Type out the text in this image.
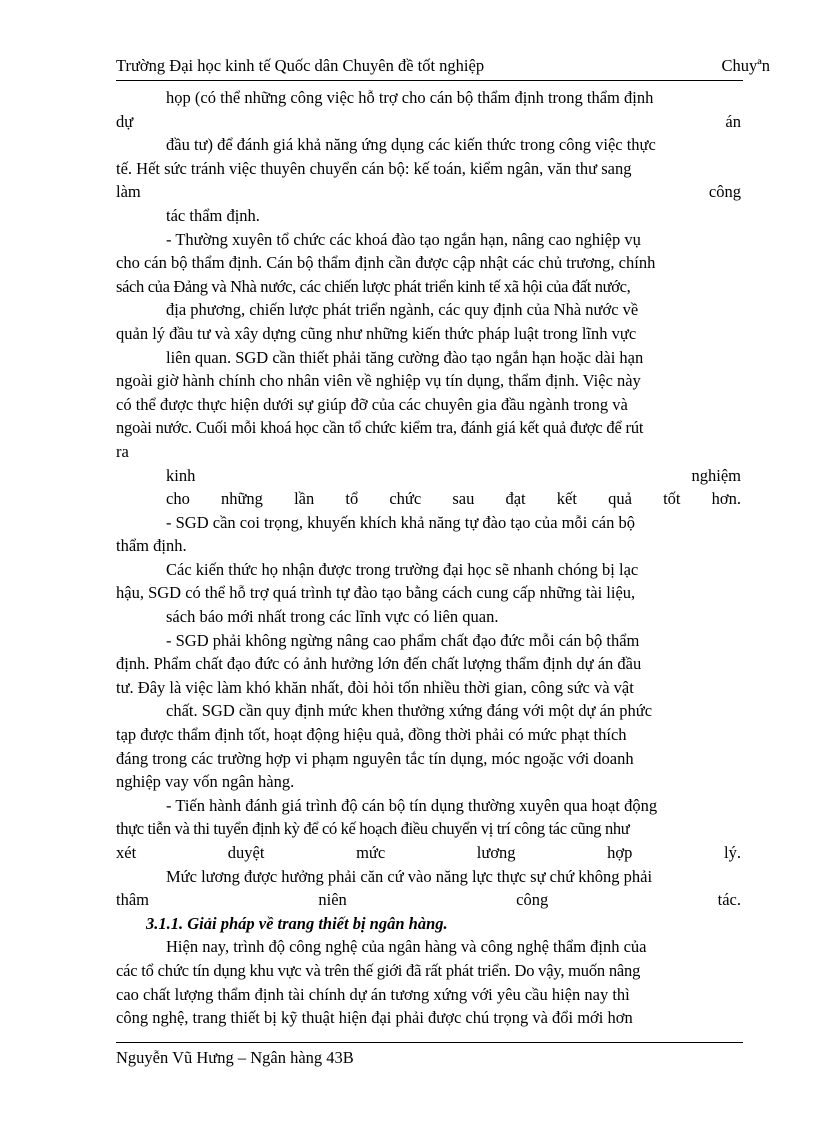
Trường Đại học kinh tế Quốc dân Chuyên đề tốt nghiệp	Chuyªn
họp (có thể những công việc hỗ trợ cho cán bộ thẩm định trong thẩm định
dự án
đầu tư) để đánh giá khả năng ứng dụng các kiến thức trong công việc thực
tế. Hết sức tránh việc thuyên chuyển cán bộ: kế toán, kiểm ngân, văn thư sang
làm công
tác thẩm định.
- Thường xuyên tổ chức các khoá đào tạo ngắn hạn, nâng cao nghiệp vụ
cho cán bộ thẩm định. Cán bộ thẩm định cần được cập nhật các chủ trương, chính
sách của Đảng và Nhà nước, các chiến lược phát triển kinh tế xã hội của đất nước,
địa phương, chiến lược phát triển ngành, các quy định của Nhà nước về
quản lý đầu tư và xây dựng cũng như những kiến thức pháp luật trong lĩnh vực
liên quan. SGD cần thiết phải tăng cường đào tạo ngắn hạn hoặc dài hạn
ngoài giờ hành chính cho nhân viên về nghiệp vụ tín dụng, thẩm định. Việc này
có thể được thực hiện dưới sự giúp đỡ của các chuyên gia đầu ngành trong và
ngoài nước. Cuối mỗi khoá học cần tổ chức kiểm tra, đánh giá kết quả được để rút
ra
kinh nghiệm
cho những lần tổ chức sau đạt kết quả tốt hơn.
- SGD cần coi trọng, khuyến khích khả năng tự đào tạo của mỗi cán bộ
thẩm định.
Các kiến thức họ nhận được trong trường đại học sẽ nhanh chóng bị lạc
hậu, SGD có thể hỗ trợ quá trình tự đào tạo bằng cách cung cấp những tài liệu,
sách báo mới nhất trong các lĩnh vực có liên quan.
- SGD phải không ngừng nâng cao phẩm chất đạo đức mỗi cán bộ thẩm
định. Phẩm chất đạo đức có ảnh hưởng lớn đến chất lượng thẩm định dự án đầu
tư. Đây là việc làm khó khăn nhất, đòi hỏi tốn nhiều thời gian, công sức và vật
chất. SGD cần quy định mức khen thưởng xứng đáng với một dự án phức
tạp được thẩm định tốt, hoạt động hiệu quả, đồng thời phải có mức phạt thích
đáng trong các trường hợp vi phạm nguyên tắc tín dụng, móc ngoặc với doanh
nghiệp vay vốn ngân hàng.
- Tiến hành đánh giá trình độ cán bộ tín dụng thường xuyên qua hoạt động
thực tiễn và thi tuyển định kỳ để có kế hoạch điều chuyển vị trí công tác cũng như
xét duyệt mức lương hợp lý.
Mức lương được hưởng phải căn cứ vào năng lực thực sự chứ không phải
thâm niên công tác.
3.1.1. Giải pháp về trang thiết bị ngân hàng.
Hiện nay, trình độ công nghệ của ngân hàng và công nghệ thẩm định của
các tổ chức tín dụng khu vực và trên thế giới đã rất phát triển. Do vậy, muốn nâng
cao chất lượng thẩm định tài chính dự án tương xứng với yêu cầu hiện nay thì
công nghệ, trang thiết bị kỹ thuật hiện đại phải được chú trọng và đổi mới hơn
Nguyễn Vũ Hưng – Ngân hàng 43B
